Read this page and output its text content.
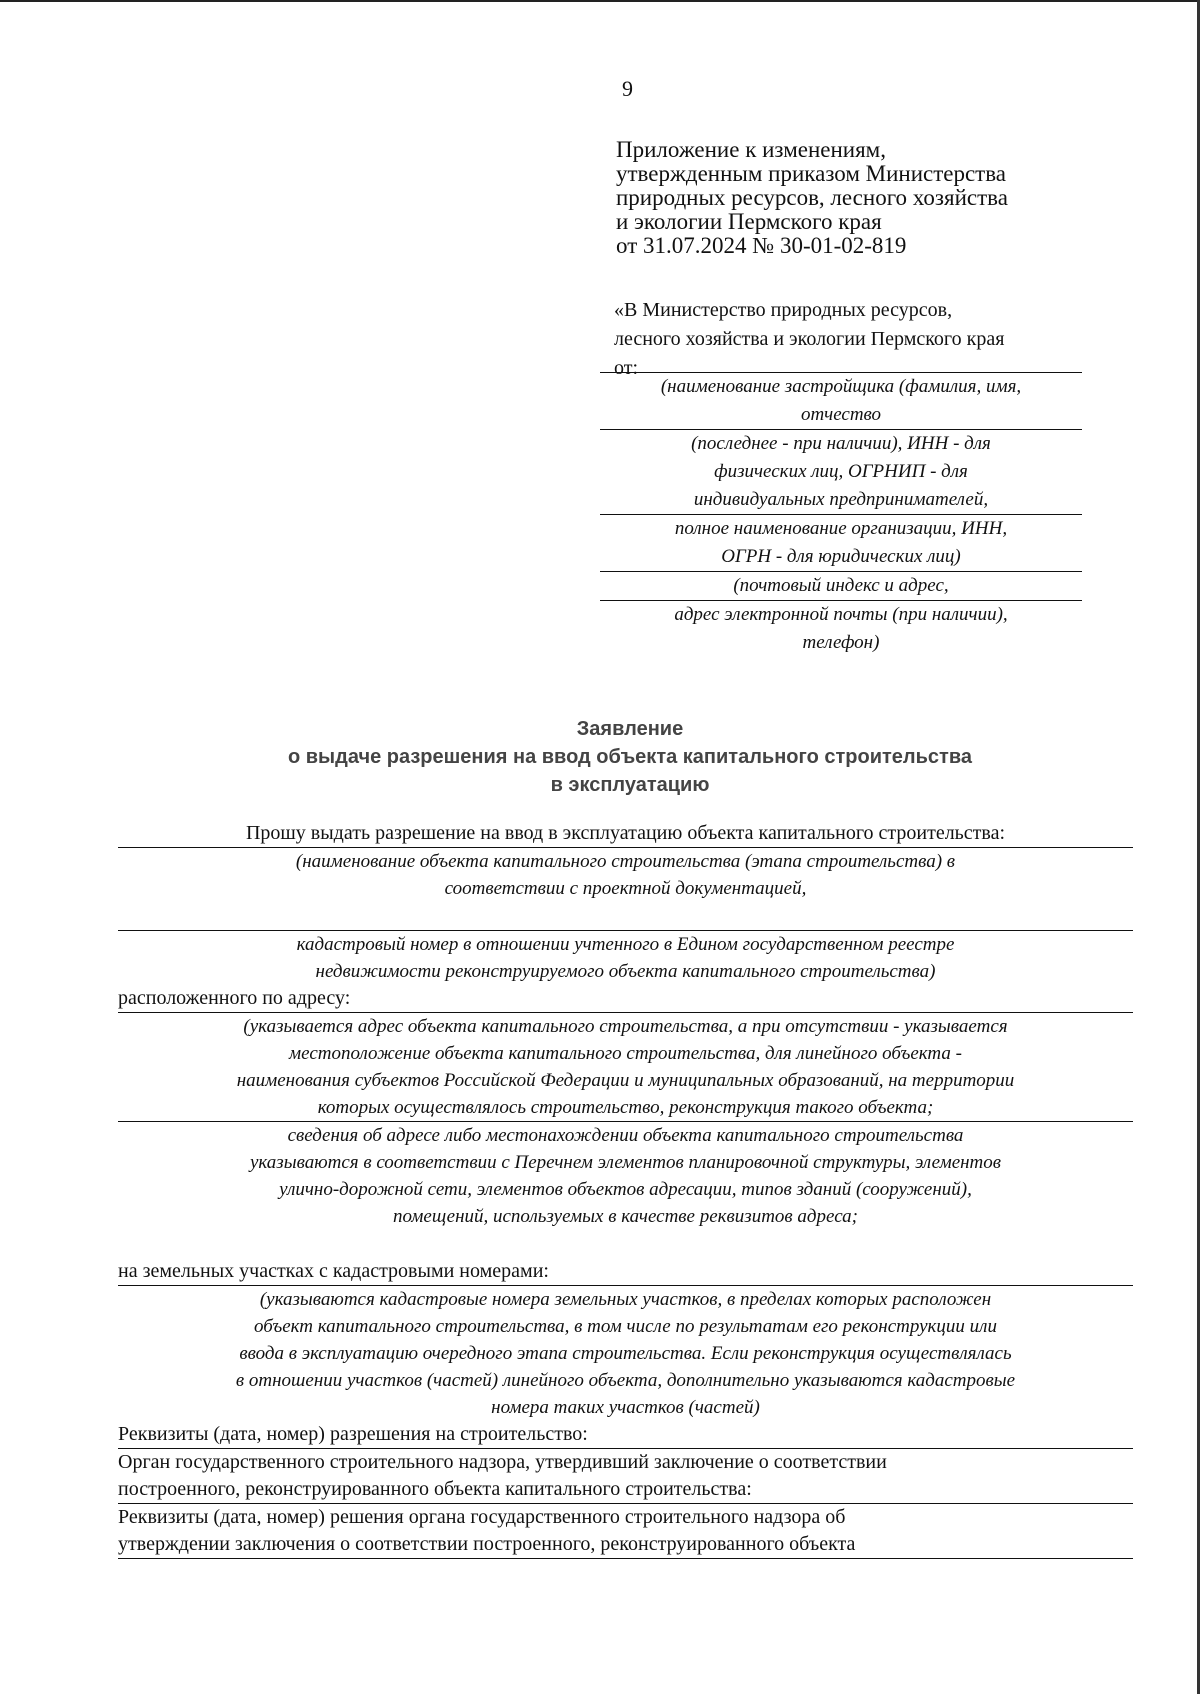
9
Приложение к изменениям,
утвержденным приказом Министерства
природных ресурсов, лесного хозяйства
и экологии Пермского края
от 31.07.2024 № 30-01-02-819
«В Министерство природных ресурсов,
лесного хозяйства и экологии Пермского края
от:
(наименование застройщика (фамилия, имя,
отчество
(последнее - при наличии), ИНН - для
физических лиц, ОГРНИП - для
индивидуальных предпринимателей,
полное наименование организации, ИНН,
ОГРН - для юридических лиц)
(почтовый индекс и адрес,
адрес электронной почты (при наличии),
телефон)
Заявление
о выдаче разрешения на ввод объекта капитального строительства
в эксплуатацию
Прошу выдать разрешение на ввод в эксплуатацию объекта капитального строительства:
(наименование объекта капитального строительства (этапа строительства) в
соответствии с проектной документацией,
кадастровый номер в отношении учтенного в Едином государственном реестре
недвижимости реконструируемого объекта капитального строительства)
расположенного по адресу:
(указывается адрес объекта капитального строительства, а при отсутствии - указывается
местоположение объекта капитального строительства, для линейного объекта -
наименования субъектов Российской Федерации и муниципальных образований, на территории
которых осуществлялось строительство, реконструкция такого объекта;
сведения об адресе либо местонахождении объекта капитального строительства
указываются в соответствии с Перечнем элементов планировочной структуры, элементов
улично-дорожной сети, элементов объектов адресации, типов зданий (сооружений),
помещений, используемых в качестве реквизитов адреса;
на земельных участках с кадастровыми номерами:
(указываются кадастровые номера земельных участков, в пределах которых расположен
объект капитального строительства, в том числе по результатам его реконструкции или
ввода в эксплуатацию очередного этапа строительства. Если реконструкция осуществлялась
в отношении участков (частей) линейного объекта, дополнительно указываются кадастровые
номера таких участков (частей)
Реквизиты (дата, номер) разрешения на строительство:
Орган государственного строительного надзора, утвердивший заключение о соответствии
построенного, реконструированного объекта капитального строительства:
Реквизиты (дата, номер) решения органа государственного строительного надзора об
утверждении заключения о соответствии построенного, реконструированного объекта
